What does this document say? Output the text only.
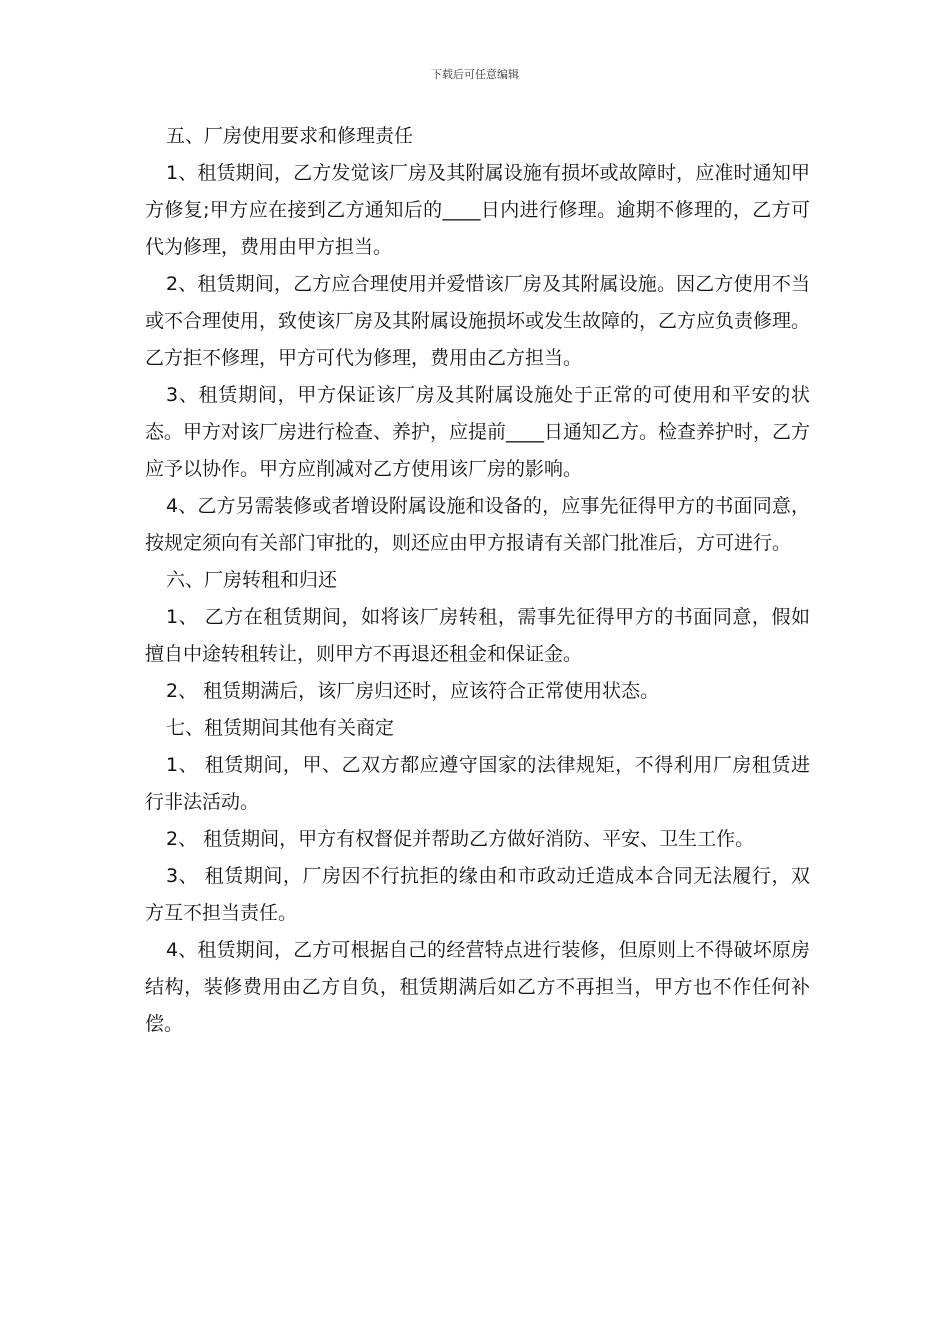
下载后可任意编辑

五、厂房使用要求和修理责任

1、租赁期间，乙方发觉该厂房及其附属设施有损坏或故障时，应准时通知甲方修复;甲方应在接到乙方通知后的____日内进行修理。逾期不修理的，乙方可代为修理，费用由甲方担当。

2、租赁期间，乙方应合理使用并爱惜该厂房及其附属设施。因乙方使用不当或不合理使用，致使该厂房及其附属设施损坏或发生故障的，乙方应负责修理。乙方拒不修理，甲方可代为修理，费用由乙方担当。

3、租赁期间，甲方保证该厂房及其附属设施处于正常的可使用和平安的状态。甲方对该厂房进行检查、养护，应提前____日通知乙方。检查养护时，乙方应予以协作。甲方应削减对乙方使用该厂房的影响。

4、乙方另需装修或者增设附属设施和设备的，应事先征得甲方的书面同意，按规定须向有关部门审批的，则还应由甲方报请有关部门批准后，方可进行。

六、厂房转租和归还

1、 乙方在租赁期间，如将该厂房转租，需事先征得甲方的书面同意，假如擅自中途转租转让，则甲方不再退还租金和保证金。

2、 租赁期满后，该厂房归还时，应该符合正常使用状态。

七、租赁期间其他有关商定

1、 租赁期间，甲、乙双方都应遵守国家的法律规矩，不得利用厂房租赁进行非法活动。

2、 租赁期间，甲方有权督促并帮助乙方做好消防、平安、卫生工作。

3、 租赁期间，厂房因不行抗拒的缘由和市政动迁造成本合同无法履行，双方互不担当责任。

4、租赁期间，乙方可根据自己的经营特点进行装修，但原则上不得破坏原房结构，装修费用由乙方自负，租赁期满后如乙方不再担当，甲方也不作任何补偿。
